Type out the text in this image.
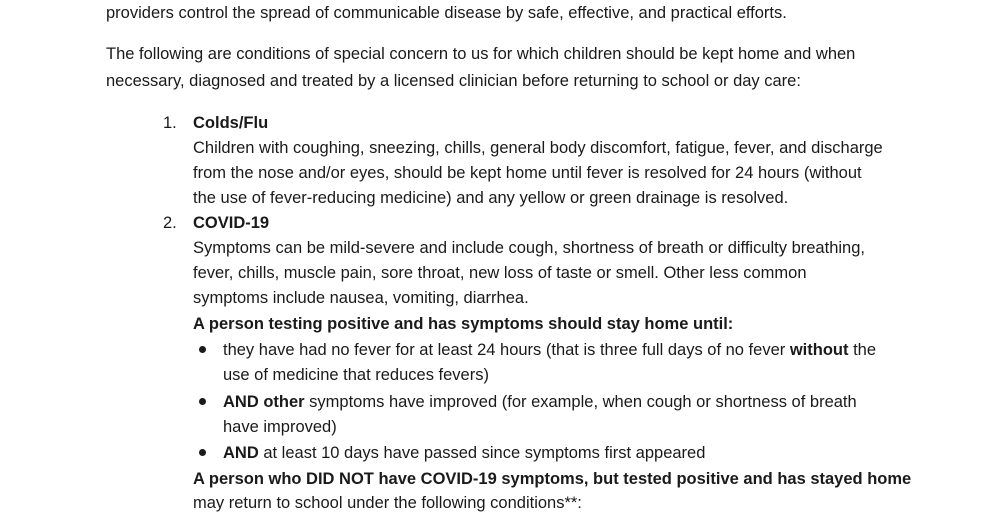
providers control the spread of communicable disease by safe, effective, and practical efforts.
The following are conditions of special concern to us for which children should be kept home and when
necessary, diagnosed and treated by a licensed clinician before returning to school or day care:
1. Colds/Flu
Children with coughing, sneezing, chills, general body discomfort, fatigue, fever, and discharge
from the nose and/or eyes, should be kept home until fever is resolved for 24 hours (without
the use of fever-reducing medicine) and any yellow or green drainage is resolved.
2. COVID-19
Symptoms can be mild-severe and include cough, shortness of breath or difficulty breathing,
fever, chills, muscle pain, sore throat, new loss of taste or smell. Other less common
symptoms include nausea, vomiting, diarrhea.
A person testing positive and has symptoms should stay home until:
they have had no fever for at least 24 hours (that is three full days of no fever without the
use of medicine that reduces fevers)
AND other symptoms have improved (for example, when cough or shortness of breath
have improved)
AND at least 10 days have passed since symptoms first appeared
A person who DID NOT have COVID-19 symptoms, but tested positive and has stayed home
may return to school under the following conditions**:
